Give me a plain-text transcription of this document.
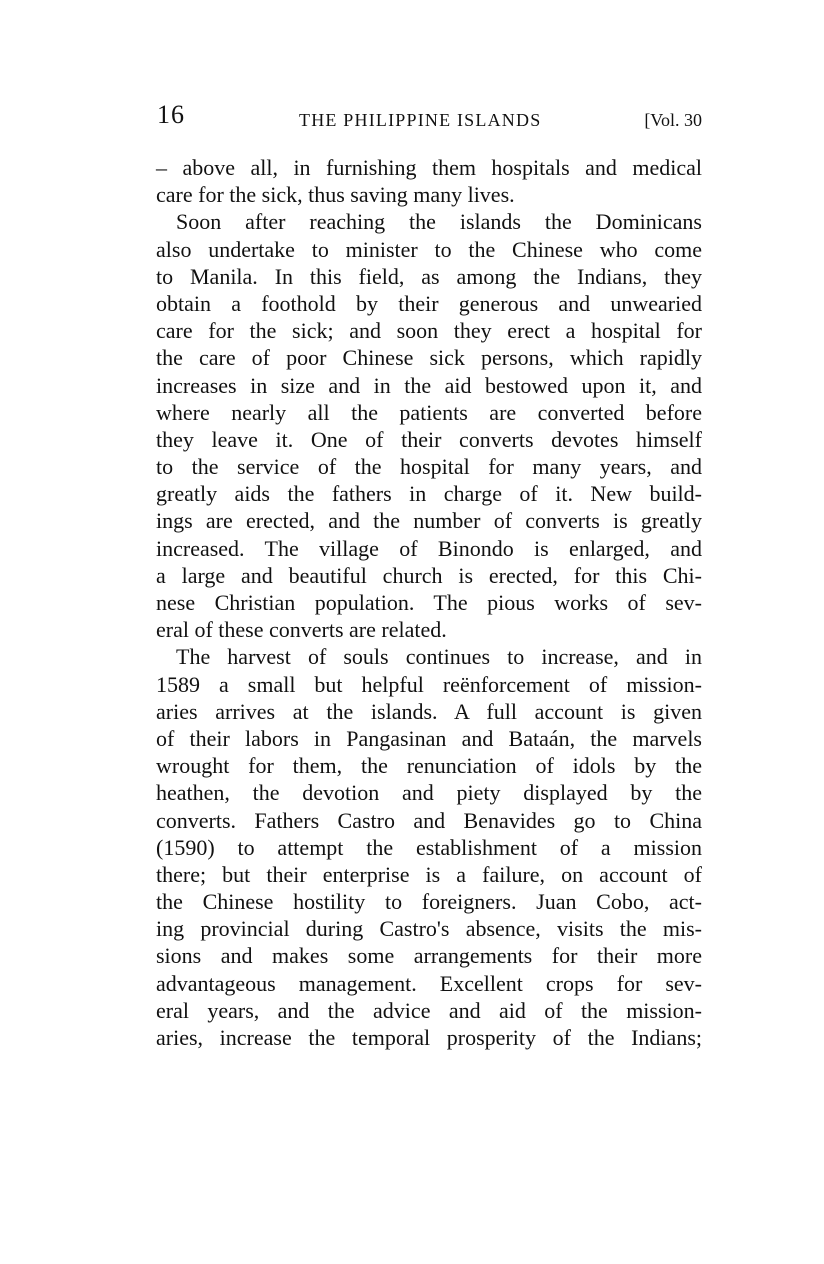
16	THE PHILIPPINE ISLANDS	[Vol. 30
– above all, in furnishing them hospitals and medical
care for the sick, thus saving many lives.
Soon after reaching the islands the Dominicans
also undertake to minister to the Chinese who come
to Manila. In this field, as among the Indians, they
obtain a foothold by their generous and unwearied
care for the sick; and soon they erect a hospital for
the care of poor Chinese sick persons, which rapidly
increases in size and in the aid bestowed upon it, and
where nearly all the patients are converted before
they leave it. One of their converts devotes himself
to the service of the hospital for many years, and
greatly aids the fathers in charge of it. New build-
ings are erected, and the number of converts is greatly
increased. The village of Binondo is enlarged, and
a large and beautiful church is erected, for this Chi-
nese Christian population. The pious works of sev-
eral of these converts are related.
The harvest of souls continues to increase, and in
1589 a small but helpful reënforcement of mission-
aries arrives at the islands. A full account is given
of their labors in Pangasinan and Bataán, the marvels
wrought for them, the renunciation of idols by the
heathen, the devotion and piety displayed by the
converts. Fathers Castro and Benavides go to China
(1590) to attempt the establishment of a mission
there; but their enterprise is a failure, on account of
the Chinese hostility to foreigners. Juan Cobo, act-
ing provincial during Castro's absence, visits the mis-
sions and makes some arrangements for their more
advantageous management. Excellent crops for sev-
eral years, and the advice and aid of the mission-
aries, increase the temporal prosperity of the Indians;
